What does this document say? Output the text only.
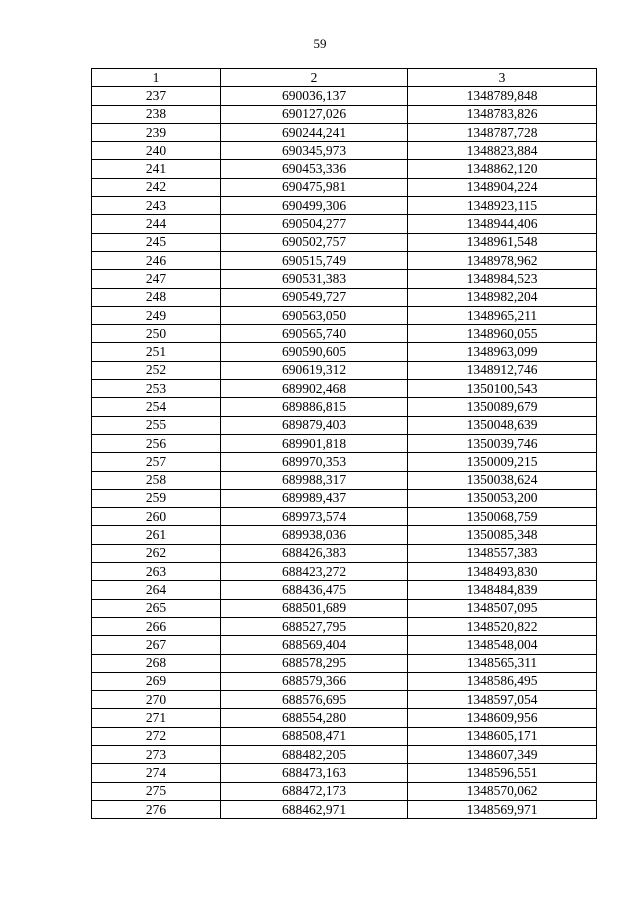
59
1	2	3
237	690036,137	1348789,848
238	690127,026	1348783,826
239	690244,241	1348787,728
240	690345,973	1348823,884
241	690453,336	1348862,120
242	690475,981	1348904,224
243	690499,306	1348923,115
244	690504,277	1348944,406
245	690502,757	1348961,548
246	690515,749	1348978,962
247	690531,383	1348984,523
248	690549,727	1348982,204
249	690563,050	1348965,211
250	690565,740	1348960,055
251	690590,605	1348963,099
252	690619,312	1348912,746
253	689902,468	1350100,543
254	689886,815	1350089,679
255	689879,403	1350048,639
256	689901,818	1350039,746
257	689970,353	1350009,215
258	689988,317	1350038,624
259	689989,437	1350053,200
260	689973,574	1350068,759
261	689938,036	1350085,348
262	688426,383	1348557,383
263	688423,272	1348493,830
264	688436,475	1348484,839
265	688501,689	1348507,095
266	688527,795	1348520,822
267	688569,404	1348548,004
268	688578,295	1348565,311
269	688579,366	1348586,495
270	688576,695	1348597,054
271	688554,280	1348609,956
272	688508,471	1348605,171
273	688482,205	1348607,349
274	688473,163	1348596,551
275	688472,173	1348570,062
276	688462,971	1348569,971
